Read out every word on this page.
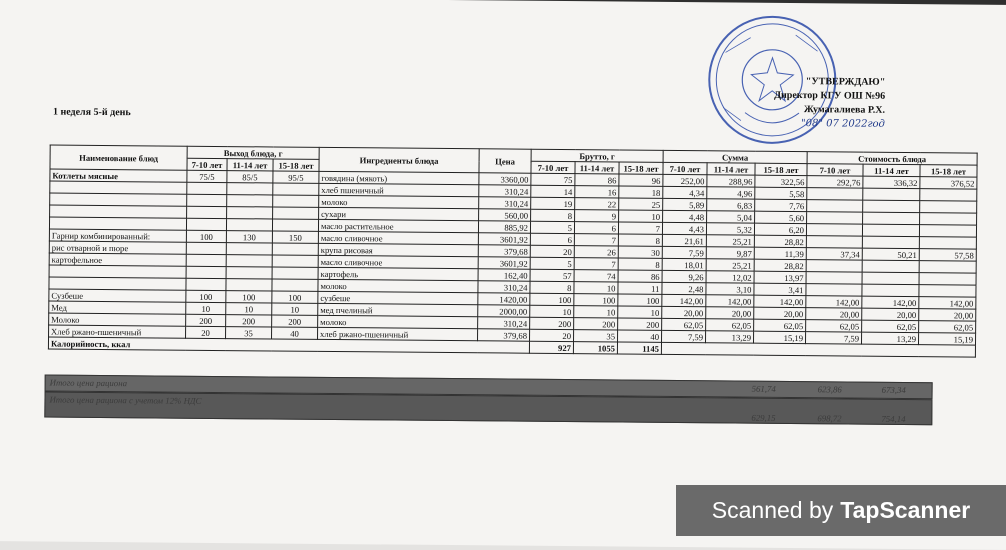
"УТВЕРЖДАЮ"
Директор КГУ ОШ №96
Жумагалиева Р.Х.
"08" 07 2022год
1 неделя 5-й день
Наименование блюд	Выход блюда, г			Ингредиенты блюда	Цена	Брутто, г			Сумма			Стоимость блюда		
	7-10 лет	11-14 лет	15-18 лет											
						7-10 лет	11-14 лет	15-18 лет	7-10 лет	11-14 лет	15-18 лет	7-10 лет	11-14 лет	15-18 лет
Котлеты мясные	75/5	85/5	95/5	говядина (мякоть)	3360,00	75	86	96	252,00	288,96	322,56	292,76	336,32	376,52
				хлеб пшеничный	310,24	14	16	18	4,34	4,96	5,58			
				молоко	310,24	19	22	25	5,89	6,83	7,76			
				сухари	560,00	8	9	10	4,48	5,04	5,60			
				масло растительное	885,92	5	6	7	4,43	5,32	6,20			
Гарнир комбинированный:	100	130	150	масло сливочное	3601,92	6	7	8	21,61	25,21	28,82			
рис отварной и пюре				крупа рисовая	379,68	20	26	30	7,59	9,87	11,39	37,34	50,21	57,58
картофельное				масло сливочное	3601,92	5	7	8	18,01	25,21	28,82			
				картофель	162,40	57	74	86	9,26	12,02	13,97			
				молоко	310,24	8	10	11	2,48	3,10	3,41			
Сузбеше	100	100	100	сузбеше	1420,00	100	100	100	142,00	142,00	142,00	142,00	142,00	142,00
Мед	10	10	10	мед пчелиный	2000,00	10	10	10	20,00	20,00	20,00	20,00	20,00	20,00
Молоко	200	200	200	молоко	310,24	200	200	200	62,05	62,05	62,05	62,05	62,05	62,05
Хлеб ржано-пшеничный	20	35	40	хлеб ржано-пшеничный	379,68	20	35	40	7,59	13,29	15,19	7,59	13,29	15,19
Калорийность, ккал						927	1055	1145						
Итого цена рациона
561,74	623,86	673,34
Итого цена рациона с учетом 12% НДС
629,15	698,72	754,14
Scanned by TapScanner
